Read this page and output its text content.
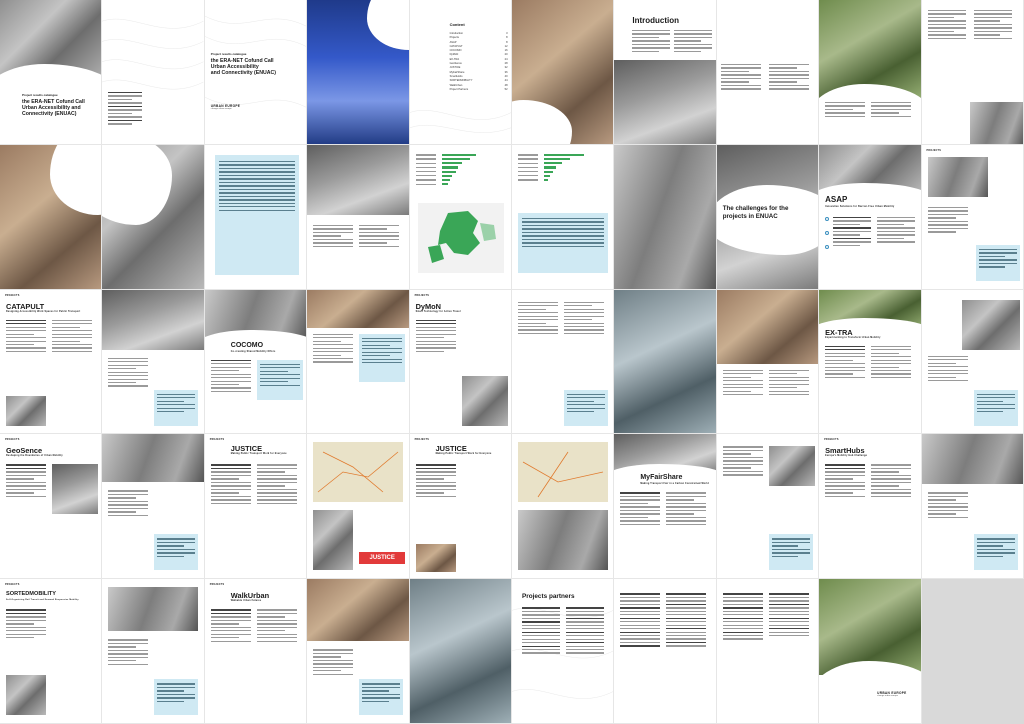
Project results catalogue
the ERA-NET Cofund Call
Urban Accessibility and
Connectivity (ENUAC)
Project results catalogue
the ERA-NET Cofund Call
Urban Accessibility
and Connectivity (ENUAC)
URBAN EUROPE
change urban europe
Content
Introduction	3
Projects	8
ASAP	8
CATAPULT	12
COCOMO	16
DyMoN	20
EX-TRA	24
GeoSence	28
JUSTICE	32
MyFairShare	36
SmartHubs	40
SORTEDMOBILITY	44
WalkUrban	48
Project Partners	52
Introduction
The challenges for the
projects in ENUAC
ASAP
Innovative Solutions for Barrier-Free Urban Mobility
PROJECTS
PROJECTS
CATAPULT
Designing Accessibility Work Spaces for Public Transport
COCOMO
Co-creating Shared Mobility Offers
PROJECTS
DyMoN
Smart Technology for Active Travel
EX-TRA
Experimenting to Transform Urban Mobility
PROJECTS
GeoSence
Reshaping the Boundaries of Urban Mobility
PROJECTS
JUSTICE
Making Public Transport Work for Everyone
JUSTICE
PROJECTS
JUSTICE
Making Public Transport Work for Everyone
MyFairShare
Making Transport Fair in a Carbon Constrained World
PROJECTS
SmartHubs
Europe's Mobility Hub Challenge
PROJECTS
SORTEDMOBILITY
Self-Organising Rail Transit and Demand Responsive Mobility
PROJECTS
WalkUrban
Walkable Urban Futures
Projects partners
URBAN EUROPE
change urban europe
